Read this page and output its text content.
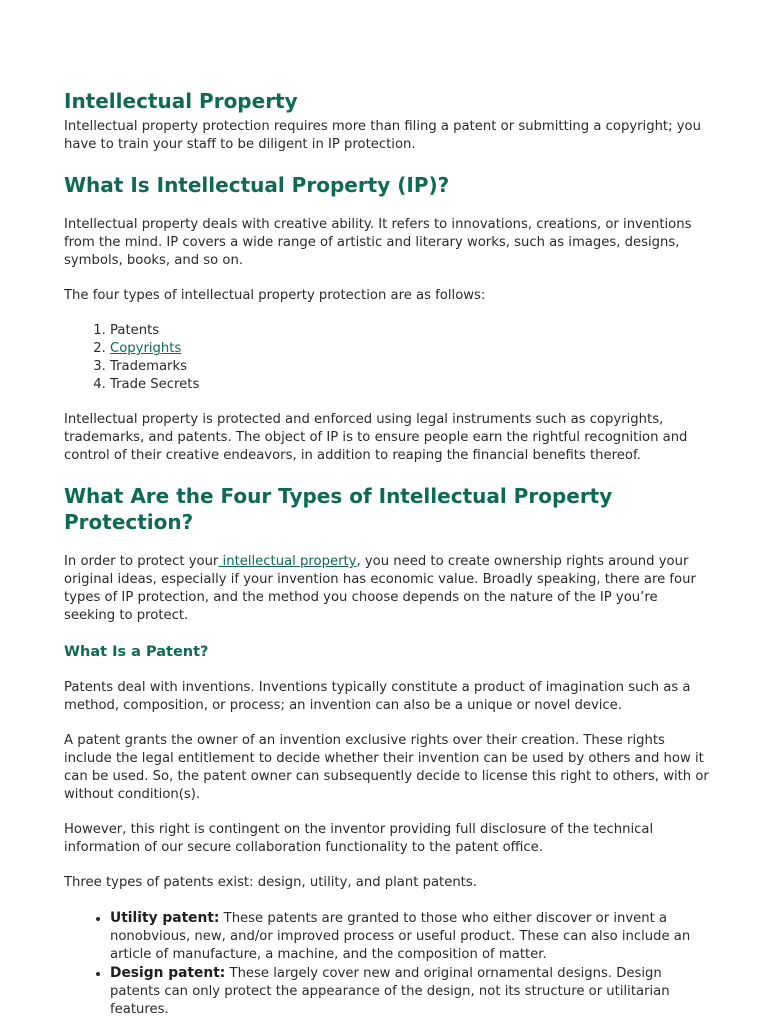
Intellectual Property

Intellectual property protection requires more than filing a patent or submitting a copyright; you have to train your staff to be diligent in IP protection.

What Is Intellectual Property (IP)?

Intellectual property deals with creative ability. It refers to innovations, creations, or inventions from the mind. IP covers a wide range of artistic and literary works, such as images, designs, symbols, books, and so on.

The four types of intellectual property protection are as follows:

1. Patents
2. Copyrights
3. Trademarks
4. Trade Secrets

Intellectual property is protected and enforced using legal instruments such as copyrights, trademarks, and patents. The object of IP is to ensure people earn the rightful recognition and control of their creative endeavors, in addition to reaping the financial benefits thereof.

What Are the Four Types of Intellectual Property Protection?

In order to protect your intellectual property, you need to create ownership rights around your original ideas, especially if your invention has economic value. Broadly speaking, there are four types of IP protection, and the method you choose depends on the nature of the IP you’re seeking to protect.

What Is a Patent?

Patents deal with inventions. Inventions typically constitute a product of imagination such as a method, composition, or process; an invention can also be a unique or novel device.

A patent grants the owner of an invention exclusive rights over their creation. These rights include the legal entitlement to decide whether their invention can be used by others and how it can be used. So, the patent owner can subsequently decide to license this right to others, with or without condition(s).

However, this right is contingent on the inventor providing full disclosure of the technical information of our secure collaboration functionality to the patent office.

Three types of patents exist: design, utility, and plant patents.

• Utility patent: These patents are granted to those who either discover or invent a nonobvious, new, and/or improved process or useful product. These can also include an article of manufacture, a machine, and the composition of matter.
• Design patent: These largely cover new and original ornamental designs. Design patents can only protect the appearance of the design, not its structure or utilitarian features.
